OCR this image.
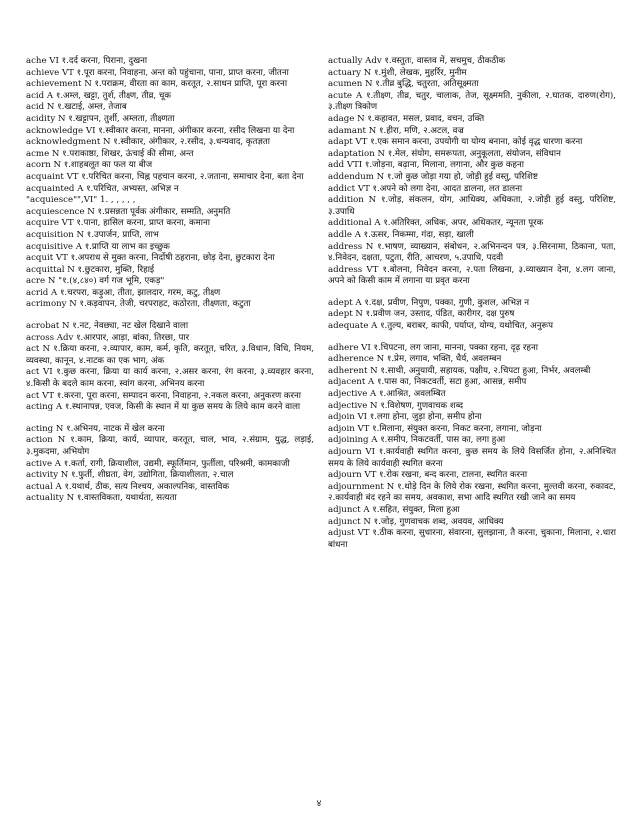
ache VI १.दर्द करना, पिराना, दुखना

achieve VT १.पूरा करना, निवाहना, अन्त को पहुंचाना, पाना, प्राप्त करना, जीतना

achievement N १.पराक्रम, वीरता का काम, करतूत, २.साधन प्राप्ति, पूरा करना

acid A १.अम्ल, खट्टा, तुर्श, तीक्ष्ण, तीव्र, चूक

acid N १.खटाई, अम्ल, तेजाब

acidity N १.खट्टापन, तुर्शी, अम्लता, तीक्ष्णता

acknowledge VI १.स्वीकार करना, मानना, अंगीकार करना, रसीद लिखना या देना

acknowledgment N १.स्वीकार, अंगीकार, २.रसीद, ३.धन्यवाद, कृतज्ञता

acme N १.पराकाष्ठा, शिखर, ऊंचाई की सीमा, अन्त

acorn N १.शाहबलूत का फल या बीज

acquaint VT १.परिचित करना, चिह्न पहचान करना, २.जताना, समाचार देना, बता देना

acquainted A १.परिचित, अभ्यस्त, अभिज्ञ न

"acquiesce"",VI" 1. , , , , ,

acquiescence N १.प्रसन्नता पूर्वक अंगीकार, सम्मति, अनुमति

acquire VT १.पाना, हासिल करना, प्राप्त करना, कमाना

acquisition N १.उपार्जन, प्राप्ति, लाभ

acquisitive A १.प्राप्ति या लाभ का इच्छुक

acquit VT १.अपराध से मुक्त करना, निर्दोषी ठहराना, छोड़ देना, छुटकारा देना

acquittal N १.छुटकारा, मुक्ति, रिहाई

acre N "१.(४,८४०) वर्ग गज भूमि, एकड़"

acrid A १.चरपरा, कड़ुआ, तीता, झालदार, गरम, कटु, तीक्ष्ण

acrimony N १.कड़वापन, तेजी, चरपराहट, कठोरता, तीक्ष्णता, कटुता

acrobat N १.नट, नेवछ्या, नट खेल दिखाने वाला

across Adv १.आरपार, आड़ा, बांका, तिरछा, पार

act N १.क्रिया करना, २.व्यापार, काम, कर्म, कृति, करतूत, चरित, ३.विधान, विधि, नियम, व्यवस्था, कानून, ४.नाटक का एक भाग, अंक

act VI १.कुछ करना, क्रिया या कार्य करना, २.असर करना, रंग करना, ३.व्यवहार करना, ४.किसी के बदले काम करना, स्वांग करना, अभिनय करना

act VT १.करना, पूरा करना, सम्पादन करना, निवाहना, २.नकल करना, अनुकरण करना

acting A १.स्थानापन्न, एवज, किसी के स्थान में या कुछ समय के लिये काम करने वाला

acting N १.अभिनय, नाटक में खेल करना

action N १.काम, क्रिया, कार्य, व्यापार, करतूत, चाल, भाव, २.संग्राम, युद्ध, लड़ाई, ३.मुकदमा, अभियोग

active A १.कर्ता, रागी, क्रियाशील, उद्यमी, स्फूर्तिमान, फुर्तीला, परिश्रमी, कामकाजी

activity N १.फुर्ती, शीघ्रता, वेग, उद्योगिता, क्रियाशीलता, २.चाल

actual A १.यथार्थ, ठीक, सत्य निश्चय, अकाल्पनिक, वास्तविक

actuality N १.वास्तविकता, यथार्थता, सत्यता

actually Adv १.वस्तुतः, वास्तव में, सचमुच, ठीकठीक

actuary N १.मुंशी, लेखक, मुहर्रिर, मुनीम

acumen N १.तीव्र बुद्धि, चतुरता, अतिसूक्ष्मता

acute A १.तीक्ष्ण, तीव्र, चतुर, चालाक, तेज, सूक्ष्ममति, नुकीला, २.घातक, दारुण(रोग), ३.तीक्ष्ण त्रिकोण

adage N १.कहावत, मसल, प्रवाद, वचन, उक्ति

adamant N १.हीरा, मणि, २.अटल, वज्र

adapt VT १.एक समान करना, उपयोगी या योग्य बनाना, कोई वृद्ध धारणा करना

adaptation N १.मेल, संयोग, समरूपता, अनुकूलता, संयोजन, संविधान

add VTI १.जोड़ना, बढ़ाना, मिलाना, लगाना, और कुछ कहना

addendum N १.जो कुछ जोड़ा गया हो, जोड़ी हुई वस्तु, परिशिष्ट

addict VT १.अपने को लगा देना, आदत डालना, लत डालना

addition N १.जोड़, संकलन, योग, आधिक्य, अधिकता, २.जोड़ी हुई वस्तु, परिशिष्ट, ३.उपाधि

additional A १.अतिरिक्त, अधिक, अपर, अधिकतर, न्यूनता पूरक

addle A १.ऊसर, निकम्मा, गंदा, सड़ा, खाली

address N १.भाषण, व्याख्यान, संबोधन, २.अभिनन्दन पत्र, ३.सिरनामा, ठिकाना, पता, ४.निवेदन, दक्षता, पटुता, रीति, आचरण, ५.उपाधि, पदवी

address VT १.बोलना, निवेदन करना, २.पता लिखना, ३.व्याख्यान देना, ४.लग जाना, अपने को किसी काम में लगाना या प्रवृत करना

adept A १.दक्ष, प्रवीण, निपुण, पक्का, गुणी, कुशल, अभिज्ञ न

adept N १.प्रवीण जन, उस्ताद, पंडित, कारीगर, दक्ष पुरुष

adequate A १.तुल्य, बराबर, काफी, पर्याप्त, योग्य, यथोचित, अनुरूप

adhere VI १.चिपटना, लग जाना, मानना, पक्का रहना, दृढ़ रहना

adherence N १.प्रेम, लगाव, भक्ति, धैर्य, अवलम्बन

adherent N १.साथी, अनुयायी, सहायक, पक्षीय, २.चिपटा हुआ, निर्भर, अवलम्बी

adjacent A १.पास का, निकटवर्ती, सटा हुआ, आसन्न, समीप

adjective A १.आश्रित, अवलम्बित

adjective N १.विशेषण, गुणवाचक शब्द

adjoin VI १.लगा होना, जुड़ा होना, समीप होना

adjoin VT १.मिलाना, संयुक्त करना, निकट करना, लगाना, जोड़ना

adjoining A १.समीप, निकटवर्ती, पास का, लगा हुआ

adjourn VI १.कार्यवाही स्थगित करना, कुछ समय के लिये विसर्जित होना, २.अनिश्चित समय के लिये कार्यवाही स्थगित करना

adjourn VT १.रोक रखना, बन्द करना, टालना, स्थगित करना

adjournment N १.थोड़े दिन के लिये रोक रखना, स्थगित करना, मुल्तवी करना, रुकावट, २.कार्यवाही बंद रहने का समय, अवकाश, सभा आदि स्थगित रखी जाने का समय

adjunct A १.सहित, संयुक्त, मिला हुआ

adjunct N १.जोड़, गुणवाचक शब्द, अवयव, आधिक्य

adjust VT १.ठीक करना, सुधारना, संवारना, सुलझाना, तै करना, चुकाना, मिलाना, २.धारा बांधना

४
